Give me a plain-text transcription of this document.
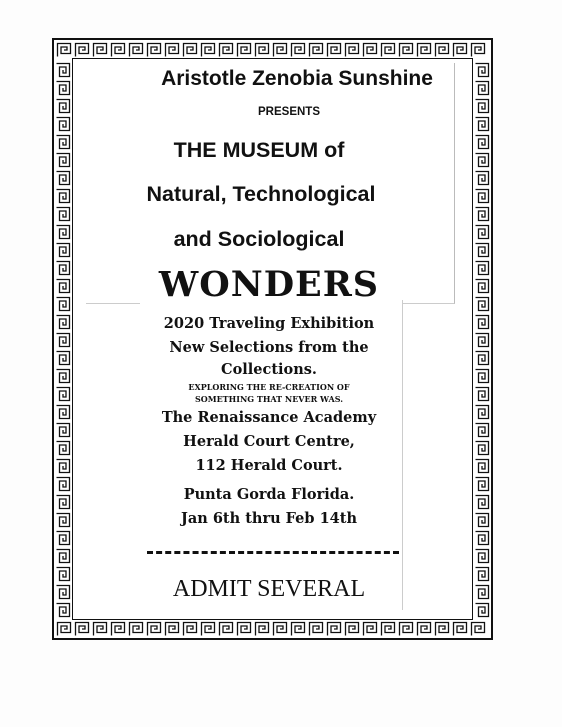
Aristotle Zenobia Sunshine
PRESENTS
THE MUSEUM of
Natural, Technological
and Sociological
WONDERS
2020 Traveling Exhibition
New Selections from the
Collections.
EXPLORING THE RE-CREATION OF
SOMETHING THAT NEVER WAS.
The Renaissance Academy
Herald Court Centre,
112 Herald Court.
Punta Gorda Florida.
Jan 6th thru Feb 14th
ADMIT SEVERAL
